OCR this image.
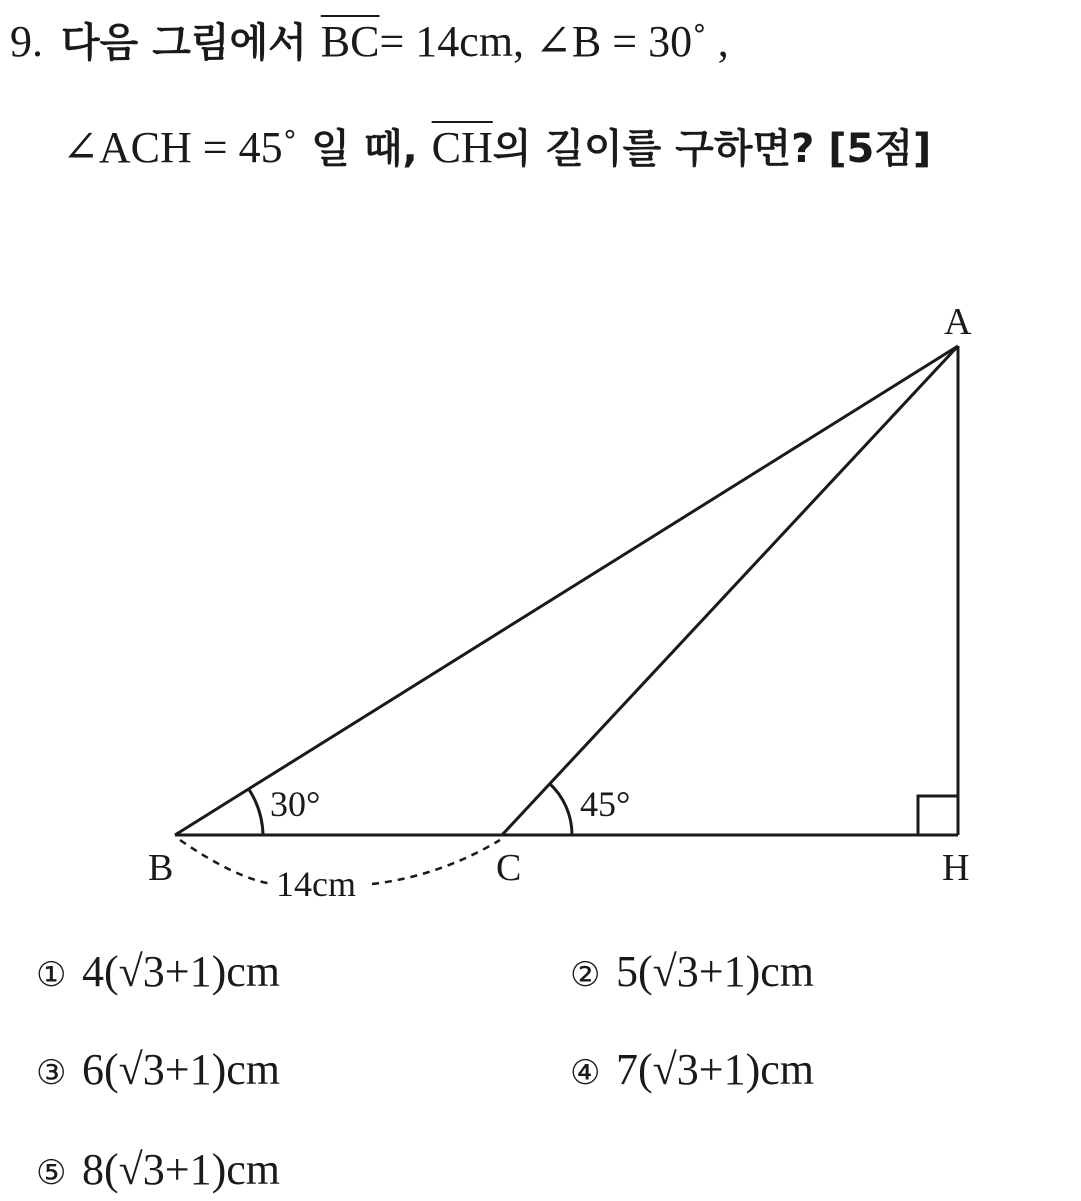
9. 다음 그림에서 $\overline{BC}= 14cm$, ∠B = 30˚ ,
∠ACH = 45˚ 일 때, $\overline{CH}$의 길이를 구하면? [5점]
A
B	C	H
30°	45°
14cm
① 4(√3+1)cm	② 5(√3+1)cm
③ 6(√3+1)cm	④ 7(√3+1)cm
⑤ 8(√3+1)cm
